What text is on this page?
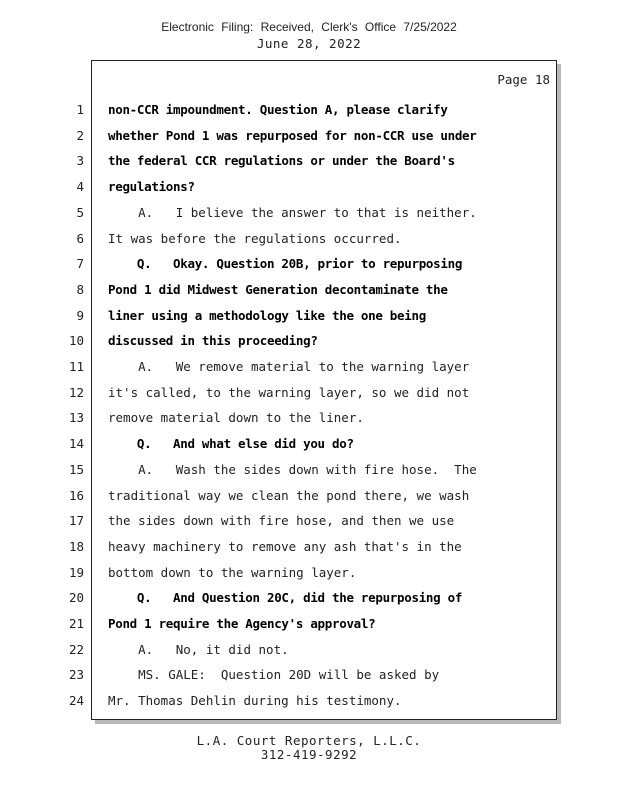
Electronic Filing: Received, Clerk's Office 7/25/2022
June 28, 2022
Page 18
1 non-CCR impoundment. Question A, please clarify
2 whether Pond 1 was repurposed for non-CCR use under
3 the federal CCR regulations or under the Board's
4 regulations?
5 A.   I believe the answer to that is neither.
6 It was before the regulations occurred.
7 Q.   Okay. Question 20B, prior to repurposing
8 Pond 1 did Midwest Generation decontaminate the
9 liner using a methodology like the one being
10 discussed in this proceeding?
11 A.   We remove material to the warning layer
12 it's called, to the warning layer, so we did not
13 remove material down to the liner.
14 Q.   And what else did you do?
15 A.   Wash the sides down with fire hose.  The
16 traditional way we clean the pond there, we wash
17 the sides down with fire hose, and then we use
18 heavy machinery to remove any ash that's in the
19 bottom down to the warning layer.
20 Q.   And Question 20C, did the repurposing of
21 Pond 1 require the Agency's approval?
22 A.   No, it did not.
23 MS. GALE:  Question 20D will be asked by
24 Mr. Thomas Dehlin during his testimony.
L.A. Court Reporters, L.L.C.
312-419-9292
